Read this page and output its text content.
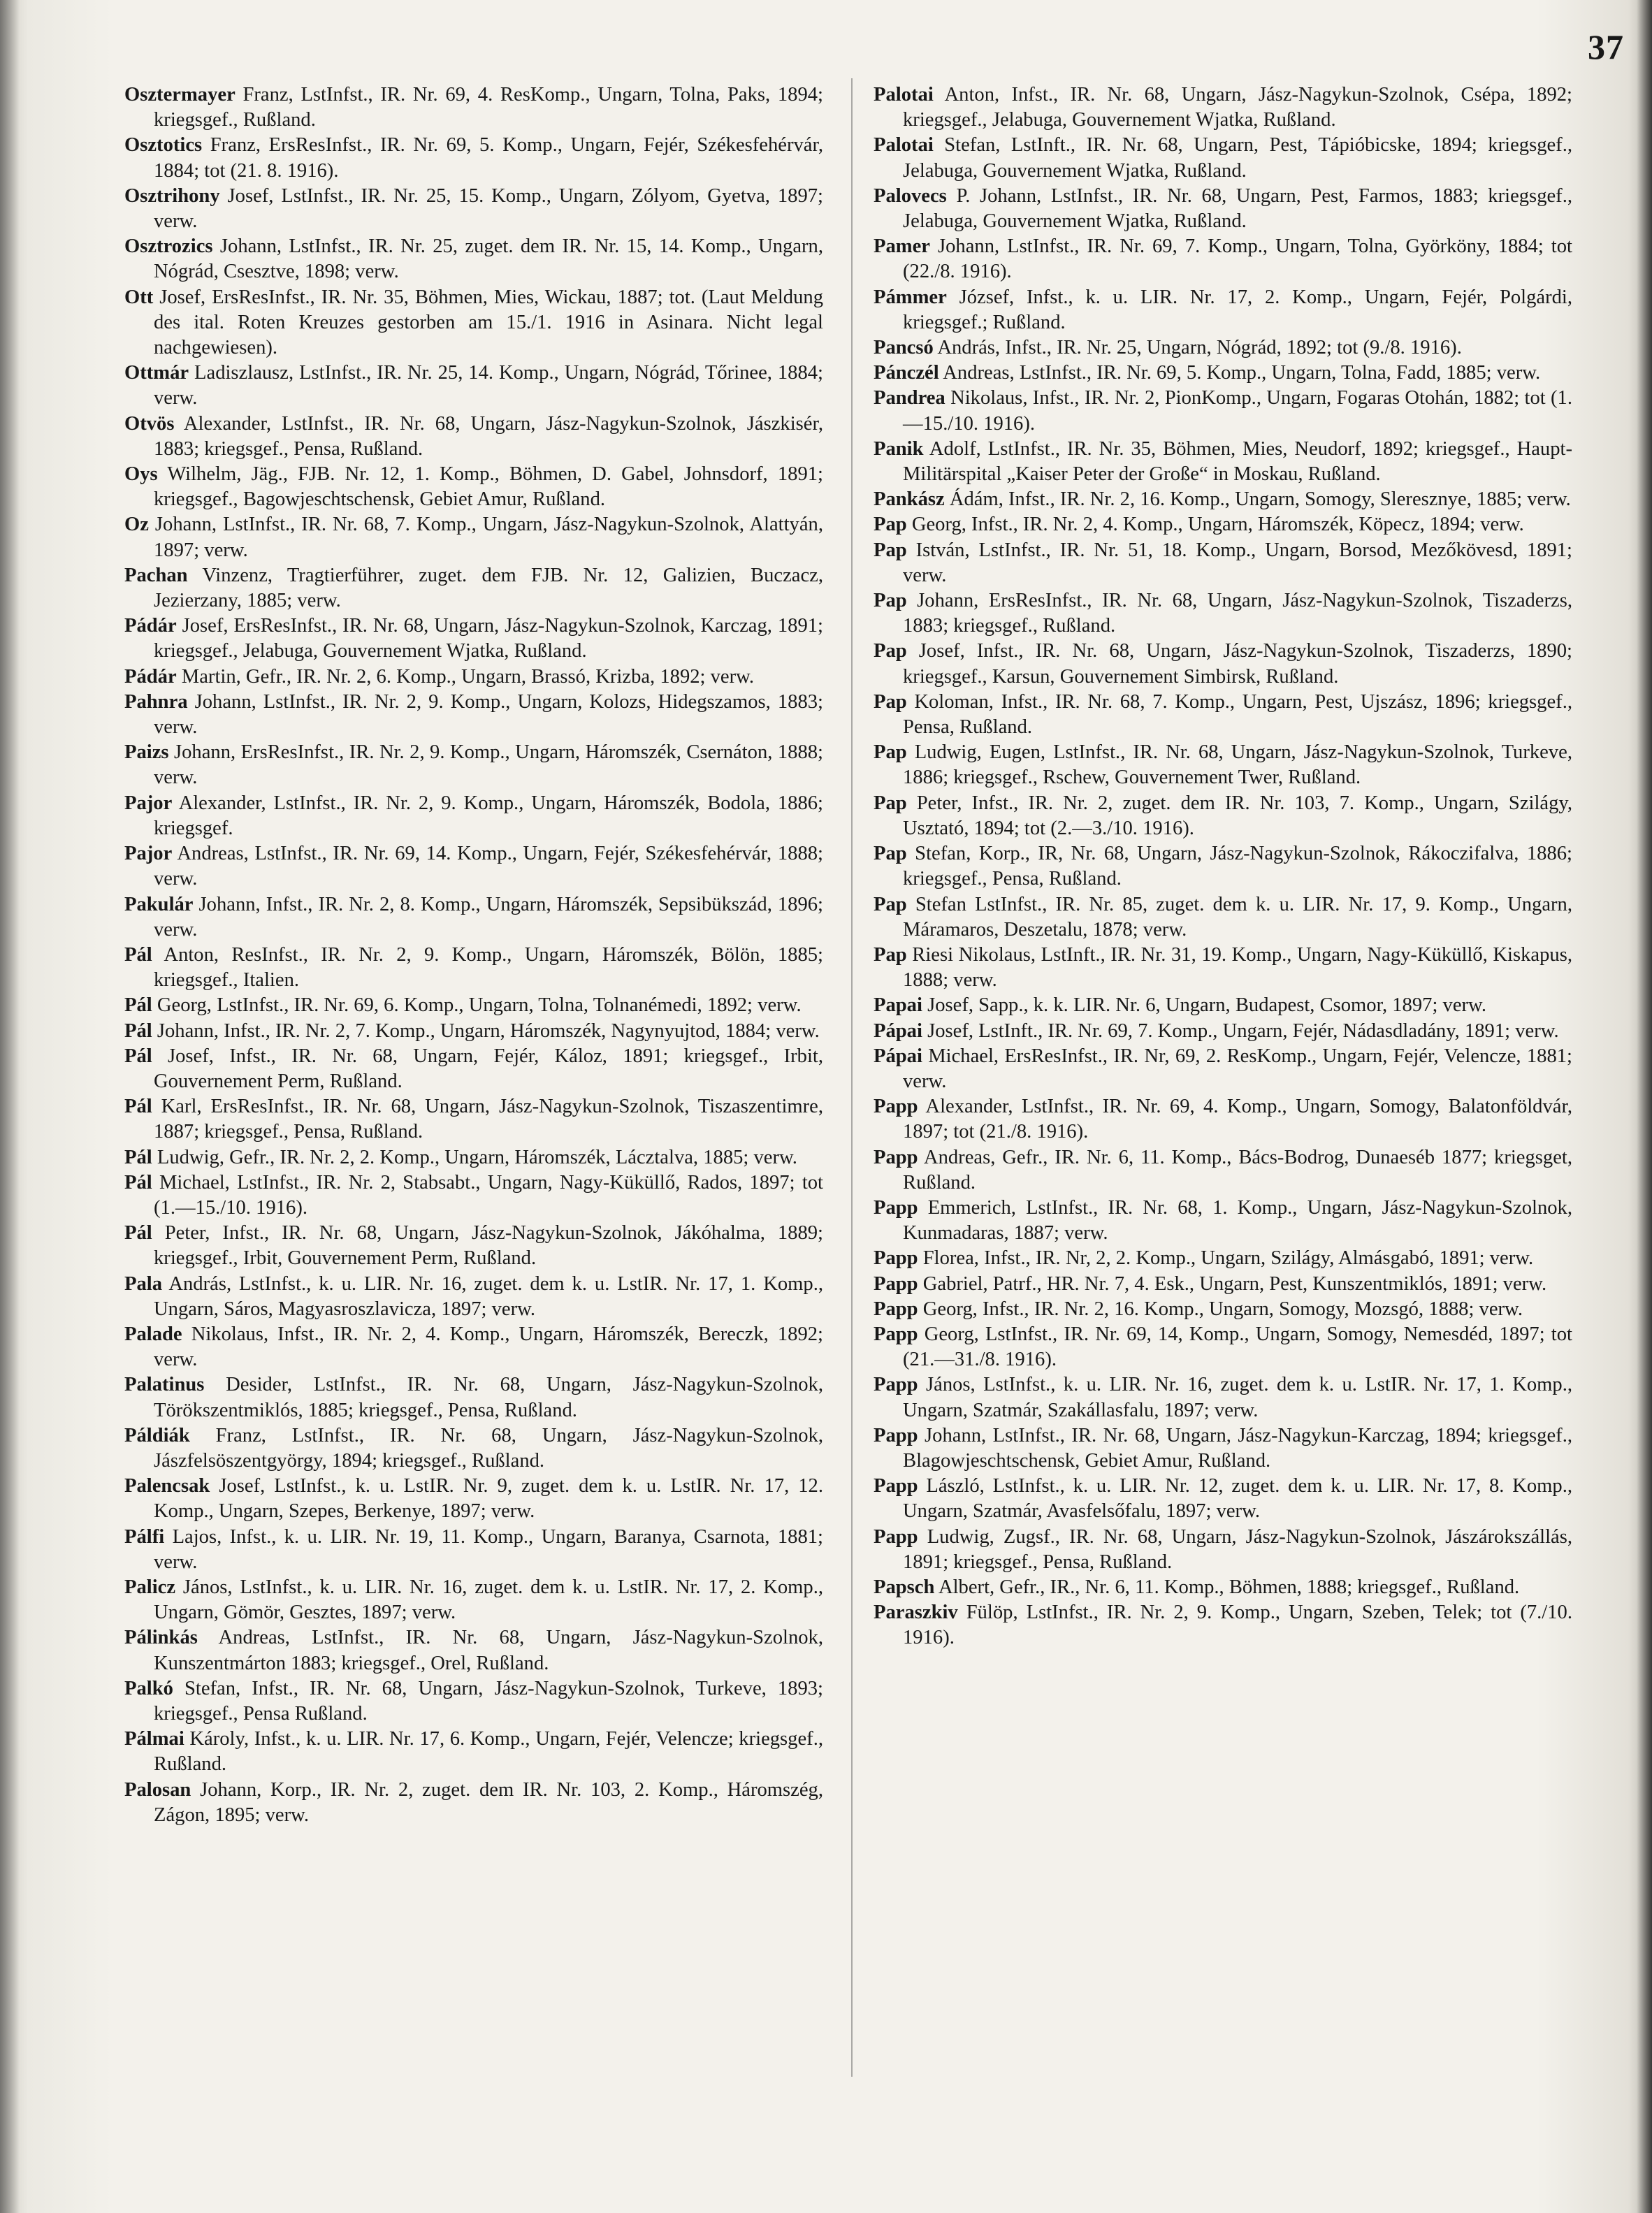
37

Osztermayer Franz, LstInfst., IR. Nr. 69, 4. ResKomp., Ungarn, Tolna, Paks, 1894; kriegsgef., Rußland.

Osztotics Franz, ErsResInfst., IR. Nr. 69, 5. Komp., Ungarn, Fejér, Székesfehérvár, 1884; tot (21. 8. 1916).

Osztrihony Josef, LstInfst., IR. Nr. 25, 15. Komp., Ungarn, Zólyom, Gyetva, 1897; verw.

Osztrozics Johann, LstInfst., IR. Nr. 25, zuget. dem IR. Nr. 15, 14. Komp., Ungarn, Nógrád, Csesztve, 1898; verw.

Ott Josef, ErsResInfst., IR. Nr. 35, Böhmen, Mies, Wickau, 1887; tot. (Laut Meldung des ital. Roten Kreuzes gestorben am 15./1. 1916 in Asinara. Nicht legal nachgewiesen).

Ottmár Ladiszlausz, LstInfst., IR. Nr. 25, 14. Komp., Ungarn, Nógrád, Tőrinee, 1884; verw.

Otvös Alexander, LstInfst., IR. Nr. 68, Ungarn, Jász-Nagykun-Szolnok, Jászkisér, 1883; kriegsgef., Pensa, Rußland.

Oys Wilhelm, Jäg., FJB. Nr. 12, 1. Komp., Böhmen, D. Gabel, Johnsdorf, 1891; kriegsgef., Bagowjeschtschensk, Gebiet Amur, Rußland.

Oz Johann, LstInfst., IR. Nr. 68, 7. Komp., Ungarn, Jász-Nagykun-Szolnok, Alattyán, 1897; verw.

Pachan Vinzenz, Tragtierführer, zuget. dem FJB. Nr. 12, Galizien, Buczacz, Jezierzany, 1885; verw.

Pádár Josef, ErsResInfst., IR. Nr. 68, Ungarn, Jász-Nagykun-Szolnok, Karczag, 1891; kriegsgef., Jelabuga, Gouvernement Wjatka, Rußland.

Pádár Martin, Gefr., IR. Nr. 2, 6. Komp., Ungarn, Brassó, Krizba, 1892; verw.

Pahnra Johann, LstInfst., IR. Nr. 2, 9. Komp., Ungarn, Kolozs, Hidegszamos, 1883; verw.

Paizs Johann, ErsResInfst., IR. Nr. 2, 9. Komp., Ungarn, Háromszék, Csernáton, 1888; verw.

Pajor Alexander, LstInfst., IR. Nr. 2, 9. Komp., Ungarn, Háromszék, Bodola, 1886; kriegsgef.

Pajor Andreas, LstInfst., IR. Nr. 69, 14. Komp., Ungarn, Fejér, Székesfehérvár, 1888; verw.

Pakulár Johann, Infst., IR. Nr. 2, 8. Komp., Ungarn, Háromszék, Sepsibükszád, 1896; verw.

Pál Anton, ResInfst., IR. Nr. 2, 9. Komp., Ungarn, Háromszék, Bölön, 1885; kriegsgef., Italien.

Pál Georg, LstInfst., IR. Nr. 69, 6. Komp., Ungarn, Tolna, Tolnanémedi, 1892; verw.

Pál Johann, Infst., IR. Nr. 2, 7. Komp., Ungarn, Háromszék, Nagynyujtod, 1884; verw.

Pál Josef, Infst., IR. Nr. 68, Ungarn, Fejér, Káloz, 1891; kriegsgef., Irbit, Gouvernement Perm, Rußland.

Pál Karl, ErsResInfst., IR. Nr. 68, Ungarn, Jász-Nagykun-Szolnok, Tiszaszentimre, 1887; kriegsgef., Pensa, Rußland.

Pál Ludwig, Gefr., IR. Nr. 2, 2. Komp., Ungarn, Háromszék, Lácztalva, 1885; verw.

Pál Michael, LstInfst., IR. Nr. 2, Stabsabt., Ungarn, Nagy-Küküllő, Rados, 1897; tot (1.—15./10. 1916).

Pál Peter, Infst., IR. Nr. 68, Ungarn, Jász-Nagykun-Szolnok, Jákóhalma, 1889; kriegsgef., Irbit, Gouvernement Perm, Rußland.

Pala András, LstInfst., k. u. LIR. Nr. 16, zuget. dem k. u. LstIR. Nr. 17, 1. Komp., Ungarn, Sáros, Magyasroszlavicza, 1897; verw.

Palade Nikolaus, Infst., IR. Nr. 2, 4. Komp., Ungarn, Háromszék, Bereczk, 1892; verw.

Palatinus Desider, LstInfst., IR. Nr. 68, Ungarn, Jász-Nagykun-Szolnok, Törökszentmiklós, 1885; kriegsgef., Pensa, Rußland.

Páldiák Franz, LstInfst., IR. Nr. 68, Ungarn, Jász-Nagykun-Szolnok, Jászfelsöszentgyörgy, 1894; kriegsgef., Rußland.

Palencsak Josef, LstInfst., k. u. LstIR. Nr. 9, zuget. dem k. u. LstIR. Nr. 17, 12. Komp., Ungarn, Szepes, Berkenye, 1897; verw.

Pálfi Lajos, Infst., k. u. LIR. Nr. 19, 11. Komp., Ungarn, Baranya, Csarnota, 1881; verw.

Palicz János, LstInfst., k. u. LIR. Nr. 16, zuget. dem k. u. LstIR. Nr. 17, 2. Komp., Ungarn, Gömör, Gesztes, 1897; verw.

Pálinkás Andreas, LstInfst., IR. Nr. 68, Ungarn, Jász-Nagykun-Szolnok, Kunszentmárton 1883; kriegsgef., Orel, Rußland.

Palkó Stefan, Infst., IR. Nr. 68, Ungarn, Jász-Nagykun-Szolnok, Turkeve, 1893; kriegsgef., Pensa Rußland.

Pálmai Károly, Infst., k. u. LIR. Nr. 17, 6. Komp., Ungarn, Fejér, Velencze; kriegsgef., Rußland.

Palosan Johann, Korp., IR. Nr. 2, zuget. dem IR. Nr. 103, 2. Komp., Háromszég, Zágon, 1895; verw.

Palotai Anton, Infst., IR. Nr. 68, Ungarn, Jász-Nagykun-Szolnok, Csépa, 1892; kriegsgef., Jelabuga, Gouvernement Wjatka, Rußland.

Palotai Stefan, LstInft., IR. Nr. 68, Ungarn, Pest, Tápióbicske, 1894; kriegsgef., Jelabuga, Gouvernement Wjatka, Rußland.

Palovecs P. Johann, LstInfst., IR. Nr. 68, Ungarn, Pest, Farmos, 1883; kriegsgef., Jelabuga, Gouvernement Wjatka, Rußland.

Pamer Johann, LstInfst., IR. Nr. 69, 7. Komp., Ungarn, Tolna, Györköny, 1884; tot (22./8. 1916).

Pámmer József, Infst., k. u. LIR. Nr. 17, 2. Komp., Ungarn, Fejér, Polgárdi, kriegsgef.; Rußland.

Pancsó András, Infst., IR. Nr. 25, Ungarn, Nógrád, 1892; tot (9./8. 1916).

Pánczél Andreas, LstInfst., IR. Nr. 69, 5. Komp., Ungarn, Tolna, Fadd, 1885; verw.

Pandrea Nikolaus, Infst., IR. Nr. 2, PionKomp., Ungarn, Fogaras Otohán, 1882; tot (1.—15./10. 1916).

Panik Adolf, LstInfst., IR. Nr. 35, Böhmen, Mies, Neudorf, 1892; kriegsgef., Haupt-Militärspital „Kaiser Peter der Große“ in Moskau, Rußland.

Pankász Ádám, Infst., IR. Nr. 2, 16. Komp., Ungarn, Somogy, Sleresznye, 1885; verw.

Pap Georg, Infst., IR. Nr. 2, 4. Komp., Ungarn, Háromszék, Köpecz, 1894; verw.

Pap István, LstInfst., IR. Nr. 51, 18. Komp., Ungarn, Borsod, Mezőkövesd, 1891; verw.

Pap Johann, ErsResInfst., IR. Nr. 68, Ungarn, Jász-Nagykun-Szolnok, Tiszaderzs, 1883; kriegsgef., Rußland.

Pap Josef, Infst., IR. Nr. 68, Ungarn, Jász-Nagykun-Szolnok, Tiszaderzs, 1890; kriegsgef., Karsun, Gouvernement Simbirsk, Rußland.

Pap Koloman, Infst., IR. Nr. 68, 7. Komp., Ungarn, Pest, Ujszász, 1896; kriegsgef., Pensa, Rußland.

Pap Ludwig, Eugen, LstInfst., IR. Nr. 68, Ungarn, Jász-Nagykun-Szolnok, Turkeve, 1886; kriegsgef., Rschew, Gouvernement Twer, Rußland.

Pap Peter, Infst., IR. Nr. 2, zuget. dem IR. Nr. 103, 7. Komp., Ungarn, Szilágy, Usztató, 1894; tot (2.—3./10. 1916).

Pap Stefan, Korp., IR, Nr. 68, Ungarn, Jász-Nagykun-Szolnok, Rákoczifalva, 1886; kriegsgef., Pensa, Rußland.

Pap Stefan LstInfst., IR. Nr. 85, zuget. dem k. u. LIR. Nr. 17, 9. Komp., Ungarn, Máramaros, Deszetalu, 1878; verw.

Pap Riesi Nikolaus, LstInft., IR. Nr. 31, 19. Komp., Ungarn, Nagy-Küküllő, Kiskapus, 1888; verw.

Papai Josef, Sapp., k. k. LIR. Nr. 6, Ungarn, Budapest, Csomor, 1897; verw.

Pápai Josef, LstInft., IR. Nr. 69, 7. Komp., Ungarn, Fejér, Nádasdladány, 1891; verw.

Pápai Michael, ErsResInfst., IR. Nr, 69, 2. ResKomp., Ungarn, Fejér, Velencze, 1881; verw.

Papp Alexander, LstInfst., IR. Nr. 69, 4. Komp., Ungarn, Somogy, Balatonföldvár, 1897; tot (21./8. 1916).

Papp Andreas, Gefr., IR. Nr. 6, 11. Komp., Bács-Bodrog, Dunaeséb 1877; kriegsget, Rußland.

Papp Emmerich, LstInfst., IR. Nr. 68, 1. Komp., Ungarn, Jász-Nagykun-Szolnok, Kunmadaras, 1887; verw.

Papp Florea, Infst., IR. Nr, 2, 2. Komp., Ungarn, Szilágy, Almásgabó, 1891; verw.

Papp Gabriel, Patrf., HR. Nr. 7, 4. Esk., Ungarn, Pest, Kunszentmiklós, 1891; verw.

Papp Georg, Infst., IR. Nr. 2, 16. Komp., Ungarn, Somogy, Mozsgó, 1888; verw.

Papp Georg, LstInfst., IR. Nr. 69, 14, Komp., Ungarn, Somogy, Nemesdéd, 1897; tot (21.—31./8. 1916).

Papp János, LstInfst., k. u. LIR. Nr. 16, zuget. dem k. u. LstIR. Nr. 17, 1. Komp., Ungarn, Szatmár, Szakállasfalu, 1897; verw.

Papp Johann, LstInfst., IR. Nr. 68, Ungarn, Jász-Nagykun-Karczag, 1894; kriegsgef., Blagowjeschtschensk, Gebiet Amur, Rußland.

Papp László, LstInfst., k. u. LIR. Nr. 12, zuget. dem k. u. LIR. Nr. 17, 8. Komp., Ungarn, Szatmár, Avasfelsőfalu, 1897; verw.

Papp Ludwig, Zugsf., IR. Nr. 68, Ungarn, Jász-Nagykun-Szolnok, Jászárokszállás, 1891; kriegsgef., Pensa, Rußland.

Papsch Albert, Gefr., IR., Nr. 6, 11. Komp., Böhmen, 1888; kriegsgef., Rußland.

Paraszkiv Fülöp, LstInfst., IR. Nr. 2, 9. Komp., Ungarn, Szeben, Telek; tot (7./10. 1916).
